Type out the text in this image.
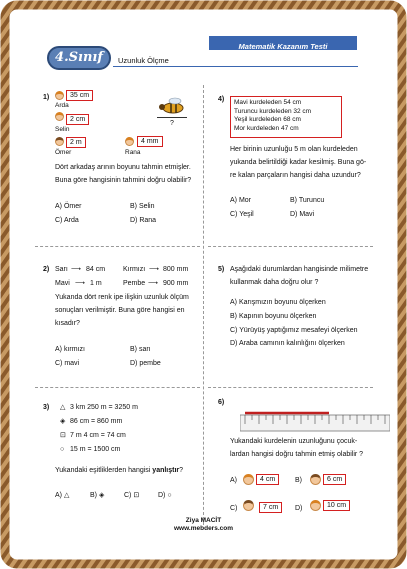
4.Sınıf	Uzunluk Ölçme
Matematik Kazanım Testi
1)	35 cm
Arda
2 cm
Selin
2 m
Ömer
4 mm
Rana
?
Dört arkadaş arının boyunu tahmin etmişler.
Buna göre hangisinin tahmini doğru olabilir?
A) Ömer	B) Selin
C) Arda	D) Rana
2) Sarı ⟶ 84 cm	Kırmızı ⟶ 800 mm
Mavi ⟶ 1 m	Pembe ⟶ 900 mm
Yukanda dört renk ipe ilişkin uzunluk ölçüm
sonuçları verilmiştir. Buna göre hangisi en
kısadır?
A) kırmızı	B) sarı
C) mavi	D) pembe
3) △ 3 km 250 m = 3250 m
◈ 86 cm = 860 mm
⊡ 7 m 4 cm = 74 cm
○ 15 m = 1500 cm
Yukandaki eşitliklerden hangisi yanlıştır?
A) △	B) ◈	C) ⊡	D) ○
4) Mavi kurdeleden 54 cm
Turuncu kurdeleden 32 cm
Yeşil kurdeleden 68 cm
Mor kurdeleden 47 cm
Her birinin uzunluğu 5 m olan kurdeleden
yukanda belirtildiği kadar kesilmiş. Buna gö-
re kalan parçaların hangisi daha uzundur?
A) Mor	B) Turuncu
C) Yeşil	D) Mavi
5) Aşağıdaki durumlardan hangisinde milimetre
kullanmak daha doğru olur ?
A) Karışmızın boyunu ölçerken
B) Kapının boyunu ölçerken
C) Yürüyüş yaptığımız mesafeyi ölçerken
D) Araba camının kalınlığını ölçerken
6)
Yukandaki kurdelenin uzunluğunu çocuk-
lardan hangisi doğru tahmin etmiş olabilir ?
A)	4 cm	B)	6 cm
C)	7 cm	D)	10 cm
Ziya MACİT
www.mebders.com
